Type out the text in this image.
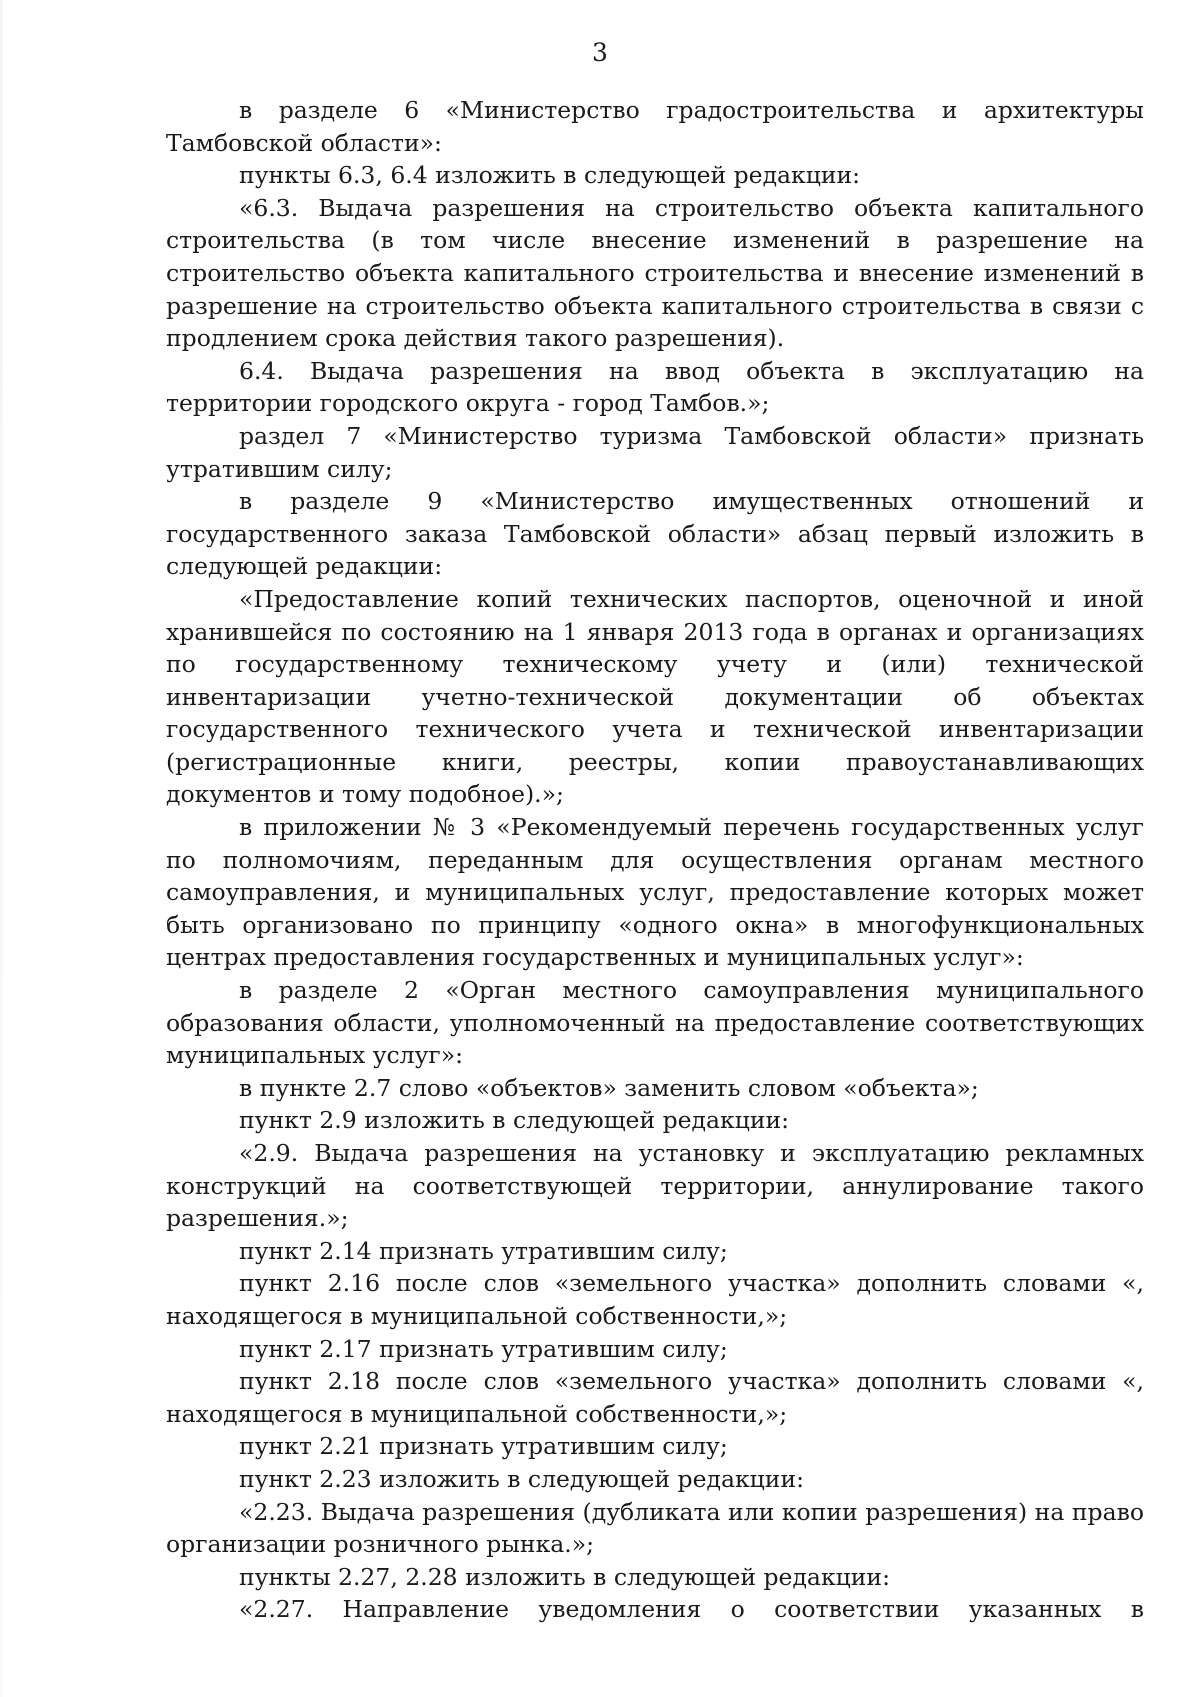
3

в разделе 6 «Министерство градостроительства и архитектуры Тамбовской области»:

пункты 6.3, 6.4 изложить в следующей редакции:

«6.3. Выдача разрешения на строительство объекта капитального строительства (в том числе внесение изменений в разрешение на строительство объекта капитального строительства и внесение изменений в разрешение на строительство объекта капитального строительства в связи с продлением срока действия такого разрешения).

6.4. Выдача разрешения на ввод объекта в эксплуатацию на территории городского округа - город Тамбов.»;

раздел 7 «Министерство туризма Тамбовской области» признать утратившим силу;

в разделе 9 «Министерство имущественных отношений и государственного заказа Тамбовской области» абзац первый изложить в следующей редакции:

«Предоставление копий технических паспортов, оценочной и иной хранившейся по состоянию на 1 января 2013 года в органах и организациях по государственному техническому учету и (или) технической инвентаризации учетно-технической документации об объектах государственного технического учета и технической инвентаризации (регистрационные книги, реестры, копии правоустанавливающих документов и тому подобное).»;

в приложении № 3 «Рекомендуемый перечень государственных услуг по полномочиям, переданным для осуществления органам местного самоуправления, и муниципальных услуг, предоставление которых может быть организовано по принципу «одного окна» в многофункциональных центрах предоставления государственных и муниципальных услуг»:

в разделе 2 «Орган местного самоуправления муниципального образования области, уполномоченный на предоставление соответствующих муниципальных услуг»:

в пункте 2.7 слово «объектов» заменить словом «объекта»;

пункт 2.9 изложить в следующей редакции:

«2.9. Выдача разрешения на установку и эксплуатацию рекламных конструкций на соответствующей территории, аннулирование такого разрешения.»;

пункт 2.14 признать утратившим силу;

пункт 2.16 после слов «земельного участка» дополнить словами «, находящегося в муниципальной собственности,»;

пункт 2.17 признать утратившим силу;

пункт 2.18 после слов «земельного участка» дополнить словами «, находящегося в муниципальной собственности,»;

пункт 2.21 признать утратившим силу;

пункт 2.23 изложить в следующей редакции:

«2.23. Выдача разрешения (дубликата или копии разрешения) на право организации розничного рынка.»;

пункты 2.27, 2.28 изложить в следующей редакции:

«2.27. Направление уведомления о соответствии указанных в
